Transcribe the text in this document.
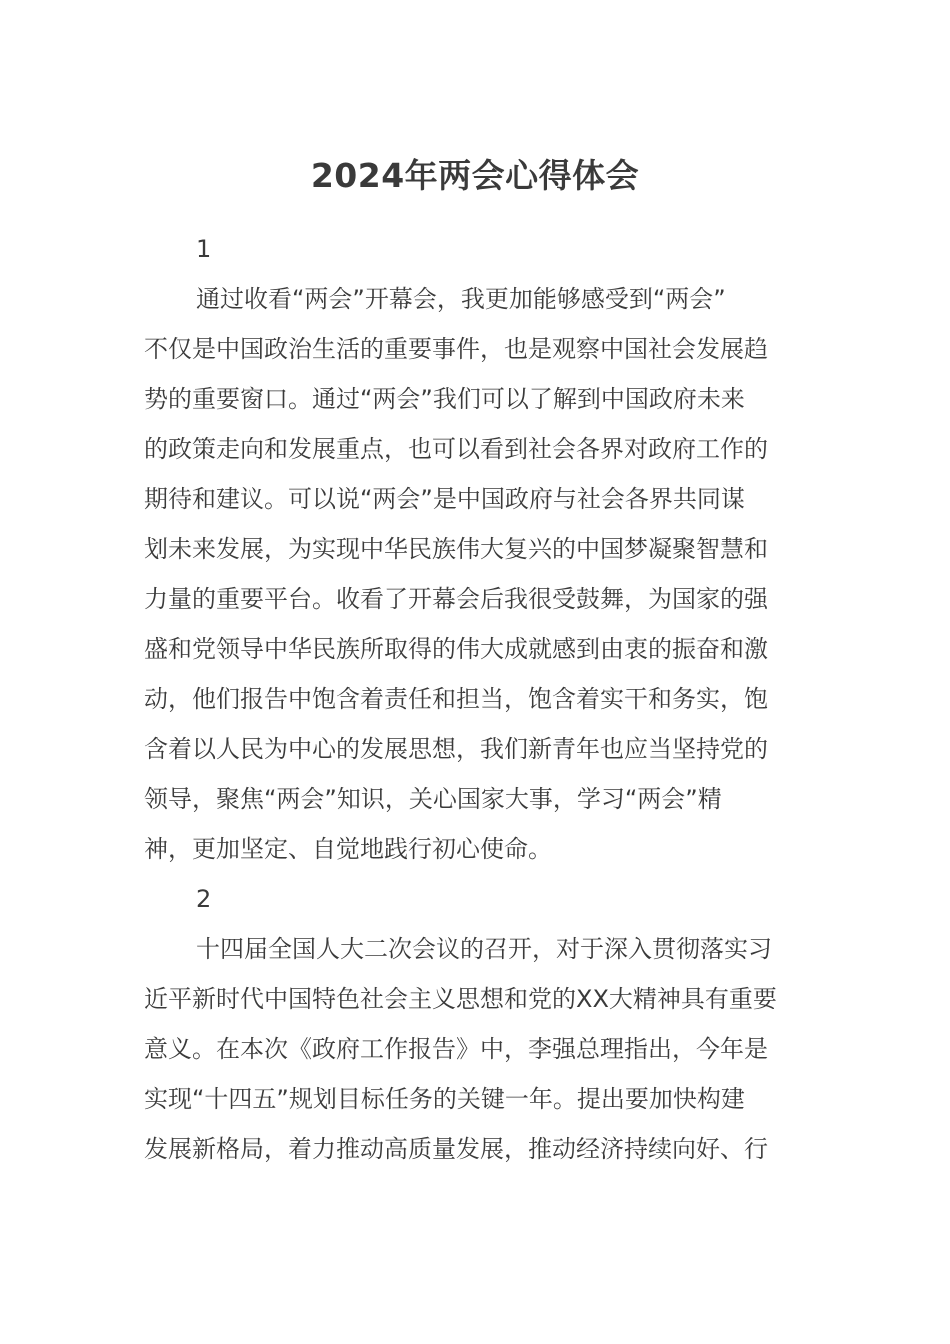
2024年两会心得体会
1
通过收看“两会”开幕会，我更加能够感受到“两会”
不仅是中国政治生活的重要事件，也是观察中国社会发展趋
势的重要窗口。通过“两会”我们可以了解到中国政府未来
的政策走向和发展重点，也可以看到社会各界对政府工作的
期待和建议。可以说“两会”是中国政府与社会各界共同谋
划未来发展，为实现中华民族伟大复兴的中国梦凝聚智慧和
力量的重要平台。收看了开幕会后我很受鼓舞，为国家的强
盛和党领导中华民族所取得的伟大成就感到由衷的振奋和激
动，他们报告中饱含着责任和担当，饱含着实干和务实，饱
含着以人民为中心的发展思想，我们新青年也应当坚持党的
领导，聚焦“两会”知识，关心国家大事，学习“两会”精
神，更加坚定、自觉地践行初心使命。
2
十四届全国人大二次会议的召开，对于深入贯彻落实习
近平新时代中国特色社会主义思想和党的XX大精神具有重要
意义。在本次《政府工作报告》中，李强总理指出，今年是
实现“十四五”规划目标任务的关键一年。提出要加快构建
发展新格局，着力推动高质量发展，推动经济持续向好、行
